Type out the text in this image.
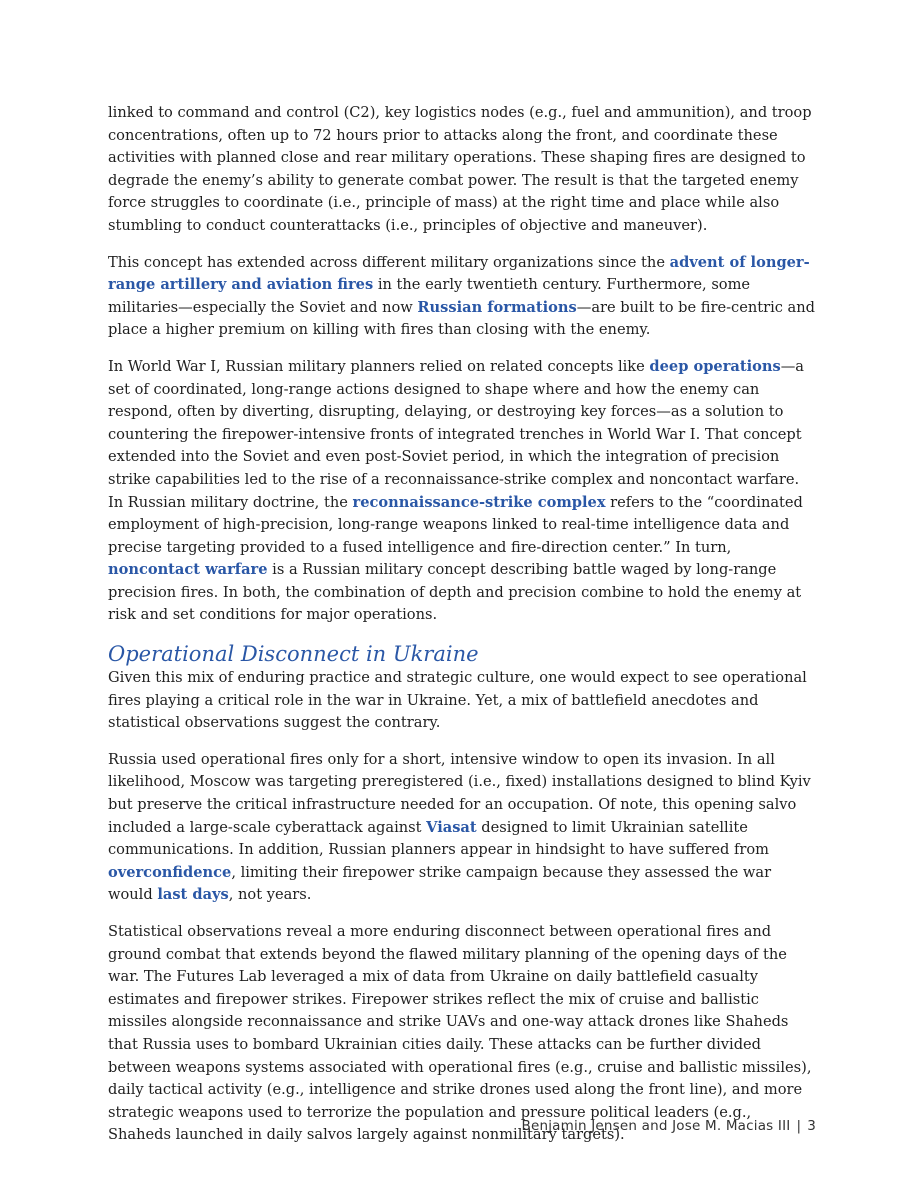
linked to command and control (C2), key logistics nodes (e.g., fuel and ammunition), and troop concentrations, often up to 72 hours prior to attacks along the front, and coordinate these activities with planned close and rear military operations. These shaping fires are designed to degrade the enemy’s ability to generate combat power. The result is that the targeted enemy force struggles to coordinate (i.e., principle of mass) at the right time and place while also stumbling to conduct counterattacks (i.e., principles of objective and maneuver).

This concept has extended across different military organizations since the advent of longer-range artillery and aviation fires in the early twentieth century. Furthermore, some militaries—especially the Soviet and now Russian formations—are built to be fire-centric and place a higher premium on killing with fires than closing with the enemy.

In World War I, Russian military planners relied on related concepts like deep operations—a set of coordinated, long-range actions designed to shape where and how the enemy can respond, often by diverting, disrupting, delaying, or destroying key forces—as a solution to countering the firepower-intensive fronts of integrated trenches in World War I. That concept extended into the Soviet and even post-Soviet period, in which the integration of precision strike capabilities led to the rise of a reconnaissance-strike complex and noncontact warfare. In Russian military doctrine, the reconnaissance-strike complex refers to the “coordinated employment of high-precision, long-range weapons linked to real-time intelligence data and precise targeting provided to a fused intelligence and fire-direction center.” In turn, noncontact warfare is a Russian military concept describing battle waged by long-range precision fires. In both, the combination of depth and precision combine to hold the enemy at risk and set conditions for major operations.

Operational Disconnect in Ukraine

Given this mix of enduring practice and strategic culture, one would expect to see operational fires playing a critical role in the war in Ukraine. Yet, a mix of battlefield anecdotes and statistical observations suggest the contrary.

Russia used operational fires only for a short, intensive window to open its invasion. In all likelihood, Moscow was targeting preregistered (i.e., fixed) installations designed to blind Kyiv but preserve the critical infrastructure needed for an occupation. Of note, this opening salvo included a large-scale cyberattack against Viasat designed to limit Ukrainian satellite communications. In addition, Russian planners appear in hindsight to have suffered from overconfidence, limiting their firepower strike campaign because they assessed the war would last days, not years.

Statistical observations reveal a more enduring disconnect between operational fires and ground combat that extends beyond the flawed military planning of the opening days of the war. The Futures Lab leveraged a mix of data from Ukraine on daily battlefield casualty estimates and firepower strikes. Firepower strikes reflect the mix of cruise and ballistic missiles alongside reconnaissance and strike UAVs and one-way attack drones like Shaheds that Russia uses to bombard Ukrainian cities daily. These attacks can be further divided between weapons systems associated with operational fires (e.g., cruise and ballistic missiles), daily tactical activity (e.g., intelligence and strike drones used along the front line), and more strategic weapons used to terrorize the population and pressure political leaders (e.g., Shaheds launched in daily salvos largely against nonmilitary targets).

Benjamin Jensen and Jose M. Macias III | 3
